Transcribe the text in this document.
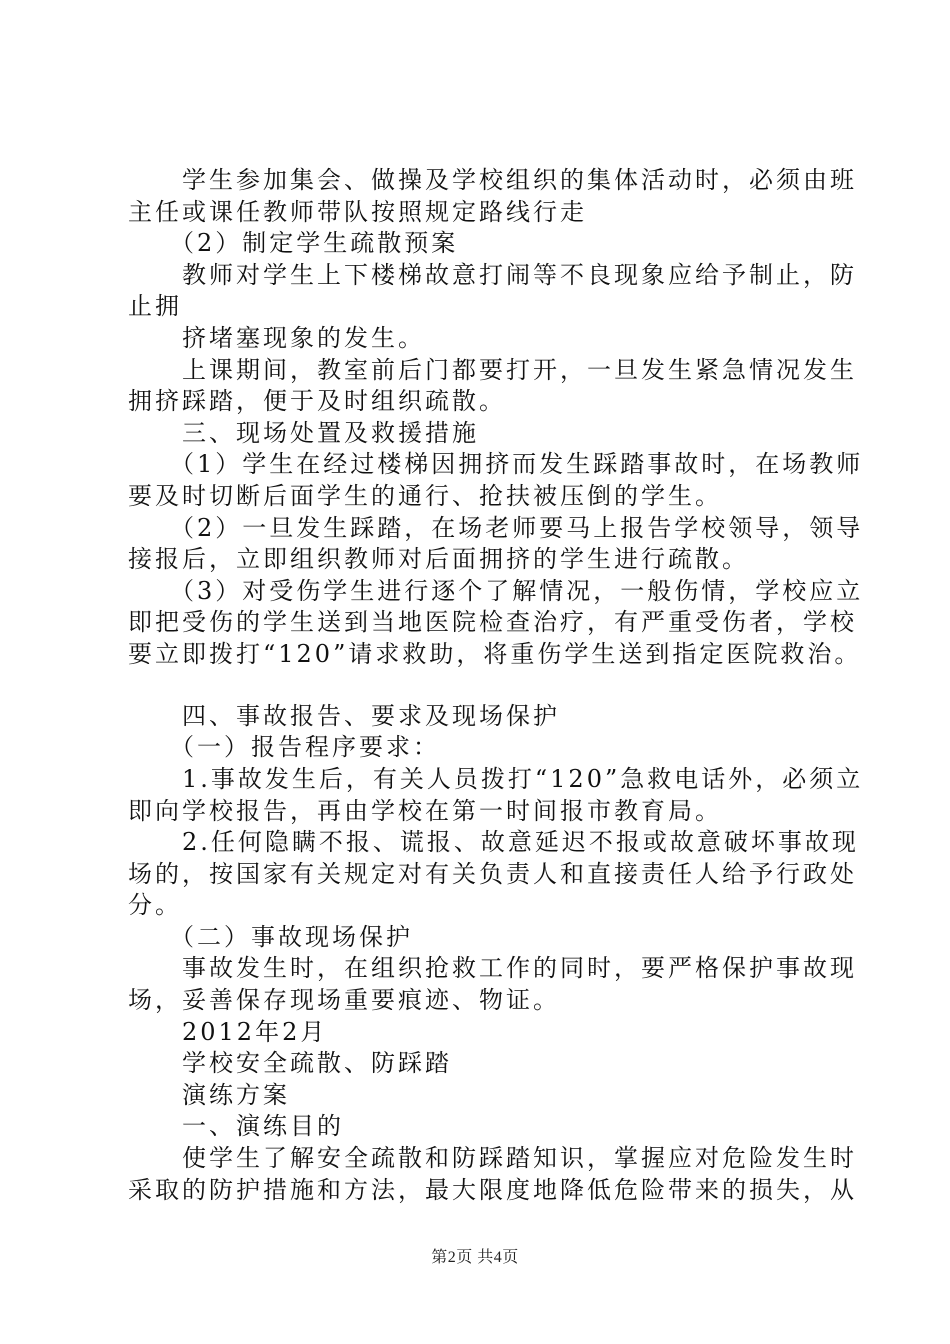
　　学生参加集会、做操及学校组织的集体活动时，必须由班
主任或课任教师带队按照规定路线行走
　　（2）制定学生疏散预案
　　教师对学生上下楼梯故意打闹等不良现象应给予制止，防
止拥
　　挤堵塞现象的发生。
　　上课期间，教室前后门都要打开，一旦发生紧急情况发生
拥挤踩踏，便于及时组织疏散。
　　三、现场处置及救援措施
　　（1）学生在经过楼梯因拥挤而发生踩踏事故时，在场教师
要及时切断后面学生的通行、抢扶被压倒的学生。
　　（2）一旦发生踩踏，在场老师要马上报告学校领导，领导
接报后，立即组织教师对后面拥挤的学生进行疏散。
　　（3）对受伤学生进行逐个了解情况，一般伤情，学校应立
即把受伤的学生送到当地医院检查治疗，有严重受伤者，学校
要立即拨打“120”请求救助，将重伤学生送到指定医院救治。
　　四、事故报告、要求及现场保护
　　（一）报告程序要求：
　　1.事故发生后，有关人员拨打“120”急救电话外，必须立
即向学校报告，再由学校在第一时间报市教育局。
　　2.任何隐瞒不报、谎报、故意延迟不报或故意破坏事故现
场的，按国家有关规定对有关负责人和直接责任人给予行政处
分。
　　（二）事故现场保护
　　事故发生时，在组织抢救工作的同时，要严格保护事故现
场，妥善保存现场重要痕迹、物证。
　　2012年2月
　　学校安全疏散、防踩踏
　　演练方案
　　一、演练目的
　　使学生了解安全疏散和防踩踏知识，掌握应对危险发生时
采取的防护措施和方法，最大限度地降低危险带来的损失，从
第2页 共4页
